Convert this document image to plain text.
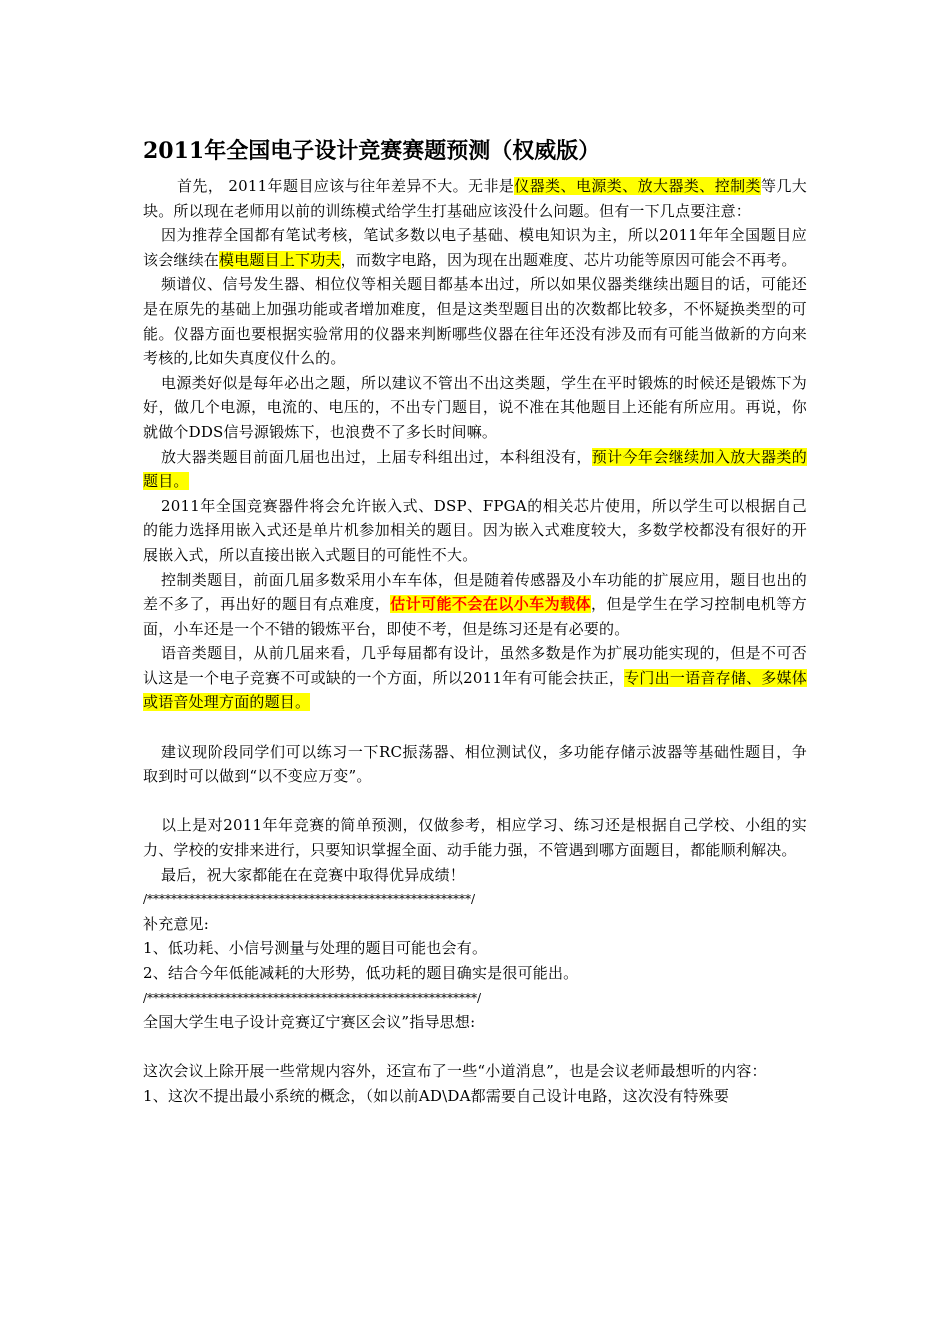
2011年全国电子设计竞赛赛题预测（权威版）

首先， 2011年题目应该与往年差异不大。无非是仪器类、电源类、放大器类、控制类等几大块。所以现在老师用以前的训练模式给学生打基础应该没什么问题。但有一下几点要注意：

因为推荐全国都有笔试考核，笔试多数以电子基础、模电知识为主，所以2011年年全国题目应该会继续在模电题目上下功夫，而数字电路，因为现在出题难度、芯片功能等原因可能会不再考。

频谱仪、信号发生器、相位仪等相关题目都基本出过，所以如果仪器类继续出题目的话，可能还是在原先的基础上加强功能或者增加难度，但是这类型题目出的次数都比较多，不怀疑换类型的可能。仪器方面也要根据实验常用的仪器来判断哪些仪器在往年还没有涉及而有可能当做新的方向来考核的,比如失真度仪什么的。

电源类好似是每年必出之题，所以建议不管出不出这类题，学生在平时锻炼的时候还是锻炼下为好，做几个电源，电流的、电压的，不出专门题目，说不准在其他题目上还能有所应用。再说，你就做个DDS信号源锻炼下，也浪费不了多长时间嘛。

放大器类题目前面几届也出过，上届专科组出过，本科组没有，预计今年会继续加入放大器类的题目。

2011年全国竞赛器件将会允许嵌入式、DSP、FPGA的相关芯片使用，所以学生可以根据自己的能力选择用嵌入式还是单片机参加相关的题目。因为嵌入式难度较大，多数学校都没有很好的开展嵌入式，所以直接出嵌入式题目的可能性不大。

控制类题目，前面几届多数采用小车车体，但是随着传感器及小车功能的扩展应用，题目也出的差不多了，再出好的题目有点难度，估计可能不会在以小车为载体，但是学生在学习控制电机等方面，小车还是一个不错的锻炼平台，即使不考，但是练习还是有必要的。

语音类题目，从前几届来看，几乎每届都有设计，虽然多数是作为扩展功能实现的，但是不可否认这是一个电子竞赛不可或缺的一个方面，所以2011年有可能会扶正，专门出一语音存储、多媒体或语音处理方面的题目。

建议现阶段同学们可以练习一下RC振荡器、相位测试仪，多功能存储示波器等基础性题目，争取到时可以做到“以不变应万变”。

以上是对2011年年竞赛的简单预测，仅做参考，相应学习、练习还是根据自己学校、小组的实力、学校的安排来进行，只要知识掌握全面、动手能力强，不管遇到哪方面题目，都能顺利解决。

最后，祝大家都能在在竞赛中取得优异成绩！

/******************************************************/

补充意见:

1、低功耗、小信号测量与处理的题目可能也会有。

2、结合今年低能减耗的大形势，低功耗的题目确实是很可能出。

/*******************************************************/

全国大学生电子设计竞赛辽宁赛区会议”指导思想:

这次会议上除开展一些常规内容外，还宣布了一些“小道消息”，也是会议老师最想听的内容：

1、这次不提出最小系统的概念，（如以前AD\DA都需要自己设计电路，这次没有特殊要
